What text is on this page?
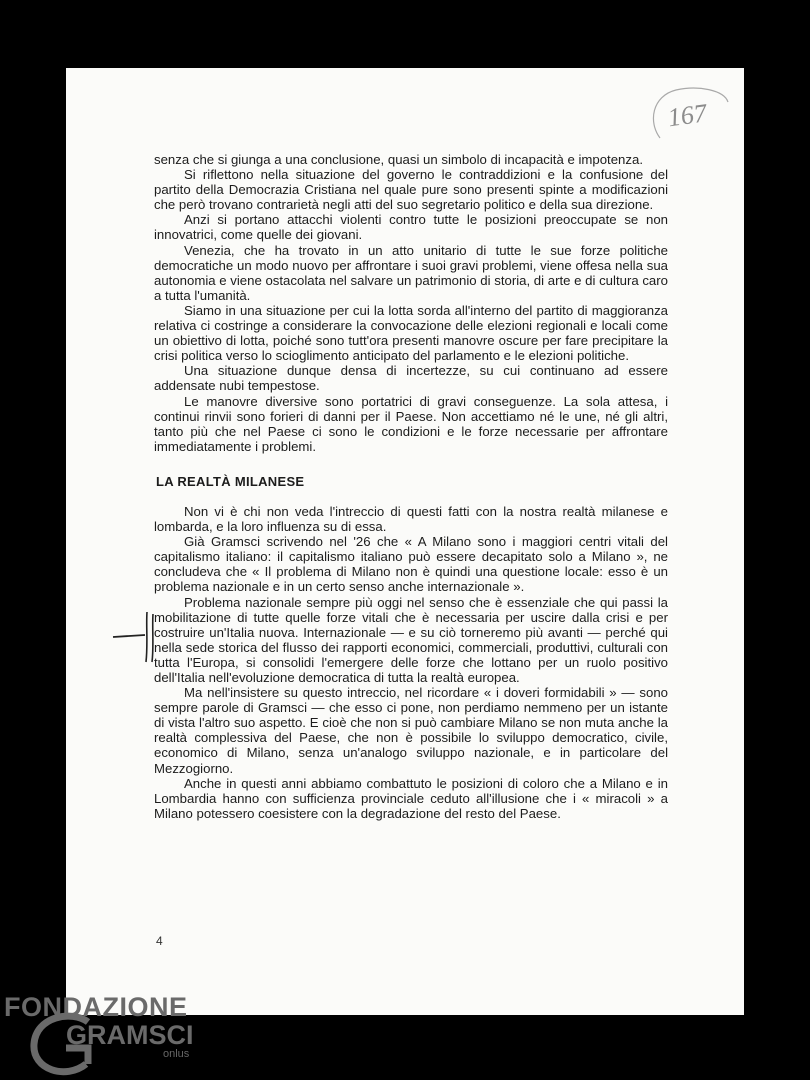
167

senza che si giunga a una conclusione, quasi un simbolo di incapacità e impotenza.

Si riflettono nella situazione del governo le contraddizioni e la confusione del partito della Democrazia Cristiana nel quale pure sono presenti spinte a modificazioni che però trovano contrarietà negli atti del suo segretario politico e della sua direzione.

Anzi si portano attacchi violenti contro tutte le posizioni preoccupate se non innovatrici, come quelle dei giovani.

Venezia, che ha trovato in un atto unitario di tutte le sue forze politiche democratiche un modo nuovo per affrontare i suoi gravi problemi, viene offesa nella sua autonomia e viene ostacolata nel salvare un patrimonio di storia, di arte e di cultura caro a tutta l'umanità.

Siamo in una situazione per cui la lotta sorda all'interno del partito di maggioranza relativa ci costringe a considerare la convocazione delle elezioni regionali e locali come un obiettivo di lotta, poiché sono tutt'ora presenti manovre oscure per fare precipitare la crisi politica verso lo scioglimento anticipato del parlamento e le elezioni politiche.

Una situazione dunque densa di incertezze, su cui continuano ad essere addensate nubi tempestose.

Le manovre diversive sono portatrici di gravi conseguenze. La sola attesa, i continui rinvii sono forieri di danni per il Paese. Non accettiamo né le une, né gli altri, tanto più che nel Paese ci sono le condizioni e le forze necessarie per affrontare immediatamente i problemi.

LA REALTÀ MILANESE

Non vi è chi non veda l'intreccio di questi fatti con la nostra realtà milanese e lombarda, e la loro influenza su di essa.

Già Gramsci scrivendo nel '26 che « A Milano sono i maggiori centri vitali del capitalismo italiano: il capitalismo italiano può essere decapitato solo a Milano », ne concludeva che « Il problema di Milano non è quindi una questione locale: esso è un problema nazionale e in un certo senso anche internazionale ».

Problema nazionale sempre più oggi nel senso che è essenziale che qui passi la mobilitazione di tutte quelle forze vitali che è necessaria per uscire dalla crisi e per costruire un'Italia nuova. Internazionale — e su ciò torneremo più avanti — perché qui nella sede storica del flusso dei rapporti economici, commerciali, produttivi, culturali con tutta l'Europa, si consolidi l'emergere delle forze che lottano per un ruolo positivo dell'Italia nell'evoluzione democratica di tutta la realtà europea.

Ma nell'insistere su questo intreccio, nel ricordare « i doveri formidabili » — sono sempre parole di Gramsci — che esso ci pone, non perdiamo nemmeno per un istante di vista l'altro suo aspetto. E cioè che non si può cambiare Milano se non muta anche la realtà complessiva del Paese, che non è possibile lo sviluppo democratico, civile, economico di Milano, senza un'analogo sviluppo nazionale, e in particolare del Mezzogiorno.

Anche in questi anni abbiamo combattuto le posizioni di coloro che a Milano e in Lombardia hanno con sufficienza provinciale ceduto all'illusione che i « miracoli » a Milano potessero coesistere con la degradazione del resto del Paese.

4
FONDAZIONE
GRAMSCI
onlus
